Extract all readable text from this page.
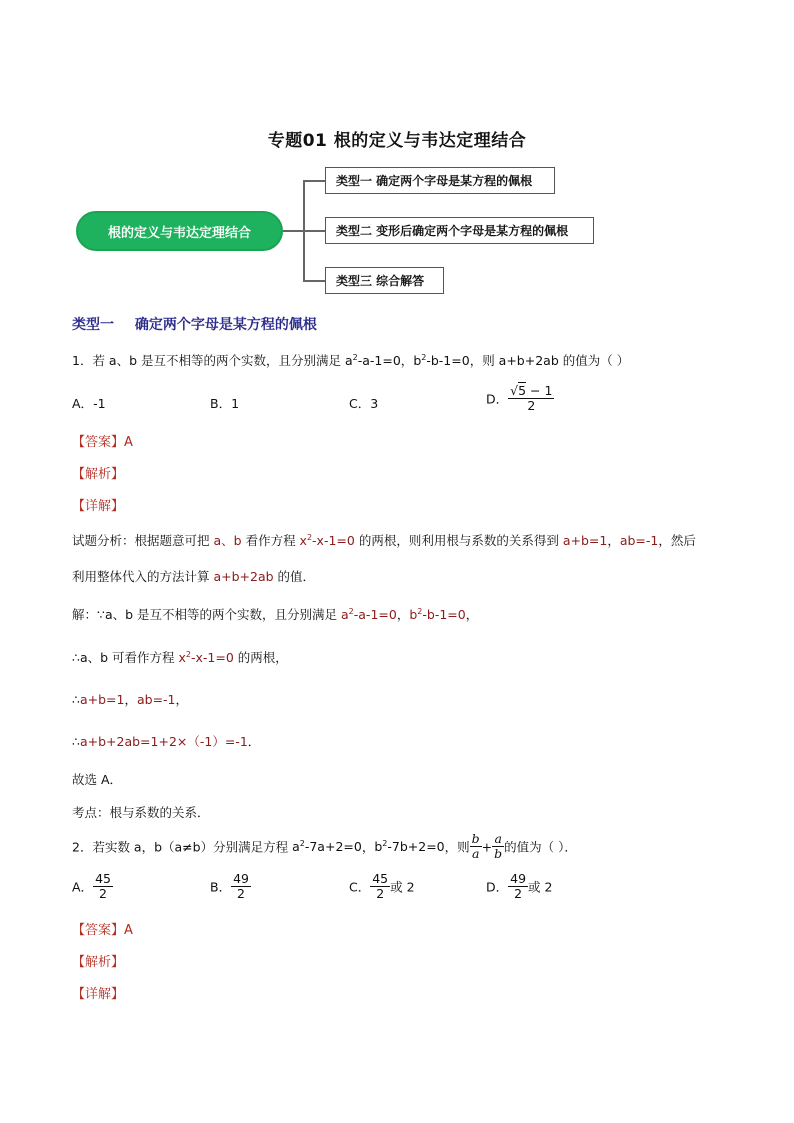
专题01 根的定义与韦达定理结合
根的定义与韦达定理结合
类型一 确定两个字母是某方程的佩根
类型二 变形后确定两个字母是某方程的佩根
类型三 综合解答
类型一 确定两个字母是某方程的佩根
1．若 a、b 是互不相等的两个实数，且分别满足 $a^2-a-1=0$，$b^2-b-1=0$，则 a+b+2ab 的值为（ ）
A．-1	B．1	C．3	D． $\frac{√5 - 1}{2}$
【答案】A
【解析】
【详解】
试题分析：根据题意可把 a、b 看作方程 $x^2-x-1=0$ 的两根，则利用根与系数的关系得到 a+b=1，ab=-1，然后
利用整体代入的方法计算 a+b+2ab 的值．
解：∵a、b 是互不相等的两个实数，且分别满足 $a^2-a-1=0$，$b^2-b-1=0$，
∴a、b 可看作方程 $x^2-x-1=0$ 的两根，
∴a+b=1，ab=-1，
∴a+b+2ab=1+2×（-1）=-1．
故选 A．
考点：根与系数的关系．
2．若实数 a，b（a≠b）分别满足方程 $a^2-7a+2=0$，$b^2-7b+2=0$，则 $\frac{b}{a} + \frac{a}{b}$ 的值为（ ）．
A． $\frac{45}{2}$	B． $\frac{49}{2}$	C． $\frac{45}{2}$ 或 2	D． $\frac{49}{2}$ 或 2
【答案】A
【解析】
【详解】
